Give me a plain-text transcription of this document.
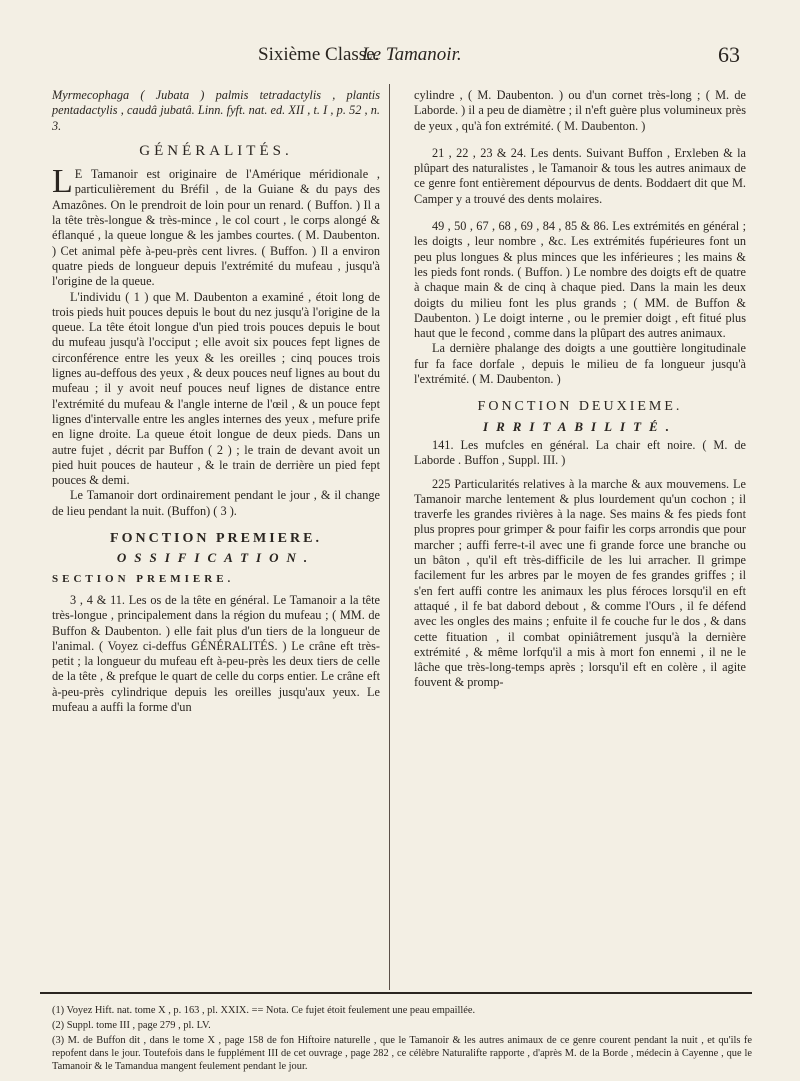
Sixième Classe.
Le Tamanoir.	63

Myrmecophaga ( Jubata ) palmis tetradactylis , plantis pentadactylis , caudâ jubatâ. Linn. fyft. nat. ed. XII , t. I , p. 52 , n. 3.

GÉNÉRALITÉS.

L E Tamanoir est originaire de l'Amérique méridionale , particulièrement du Bréfil , de la Guiane & du pays des Amazônes. On le prendroit de loin pour un renard. ( Buffon. ) Il a la tête très-longue & très-mince , le col court , le corps alongé & éflanqué , la queue longue & les jambes courtes. ( M. Daubenton. ) Cet animal pèfe à-peu-près cent livres. ( Buffon. ) Il a environ quatre pieds de longueur depuis l'extrémité du mufeau , jusqu'à l'origine de la queue.

L'individu ( 1 ) que M. Daubenton a examiné , étoit long de trois pieds huit pouces depuis le bout du nez jusqu'à l'origine de la queue. La tête étoit longue d'un pied trois pouces depuis le bout du mufeau jusqu'à l'occiput ; elle avoit six pouces fept lignes de circonférence entre les yeux & les oreilles ; cinq pouces trois lignes au-deffous des yeux , & deux pouces neuf lignes au bout du mufeau ; il y avoit neuf pouces neuf lignes de distance entre l'extrémité du mufeau & l'angle interne de l'œil , & un pouce fept lignes d'intervalle entre les angles internes des yeux , mefure prife en ligne droite. La queue étoit longue de deux pieds. Dans un autre fujet , décrit par Buffon ( 2 ) ; le train de devant avoit un pied huit pouces de hauteur , & le train de derrière un pied fept pouces & demi.

Le Tamanoir dort ordinairement pendant le jour , & il change de lieu pendant la nuit. (Buffon) ( 3 ).

FONCTION PREMIERE.
OSSIFICATION.
SECTION PREMIERE.

3 , 4 & 11. Les os de la tête en général. Le Tamanoir a la tête très-longue , principalement dans la région du mufeau ; ( MM. de Buffon & Daubenton. ) elle fait plus d'un tiers de la longueur de l'animal. ( Voyez ci-deffus GÉNÉRALITÉS. ) Le crâne eft très-petit ; la longueur du mufeau eft à-peu-près les deux tiers de celle de la tête , & prefque le quart de celle du corps entier. Le crâne eft à-peu-près cylindrique depuis les oreilles jusqu'aux yeux. Le mufeau a auffi la forme d'un

cylindre , ( M. Daubenton. ) ou d'un cornet très-long ; ( M. de Laborde. ) il a peu de diamètre ; il n'eft guère plus volumineux près de yeux , qu'à fon extrémité. ( M. Daubenton. )

21 , 22 , 23 & 24. Les dents. Suivant Buffon , Erxleben & la plûpart des naturalistes , le Tamanoir & tous les autres animaux de ce genre font entièrement dépourvus de dents. Boddaert dit que M. Camper y a trouvé des dents molaires.

49 , 50 , 67 , 68 , 69 , 84 , 85 & 86. Les extrémités en général ; les doigts , leur nombre , &c. Les extrémités fupérieures font un peu plus longues & plus minces que les inférieures ; les mains & les pieds font ronds. ( Buffon. ) Le nombre des doigts eft de quatre à chaque main & de cinq à chaque pied. Dans la main les deux doigts du milieu font les plus grands ; ( MM. de Buffon & Daubenton. ) Le doigt interne , ou le premier doigt , eft fitué plus haut que le fecond , comme dans la plûpart des autres animaux.

La dernière phalange des doigts a une gouttière longitudinale fur fa face dorfale , depuis le milieu de fa longueur jusqu'à l'extrémité. ( M. Daubenton. )

FONCTION DEUXIEME.
IRRITABILITÉ.

141. Les mufcles en général. La chair eft noire. ( M. de Laborde . Buffon , Suppl. III. )

225 Particularités relatives à la marche & aux mouvemens. Le Tamanoir marche lentement & plus lourdement qu'un cochon ; il traverfe les grandes rivières à la nage. Ses mains & fes pieds font plus propres pour grimper & pour faifir les corps arrondis que pour marcher ; auffi ferre-t-il avec une fi grande force une branche ou un bâton , qu'il eft très-difficile de les lui arracher. Il grimpe facilement fur les arbres par le moyen de fes grandes griffes ; il s'en fert auffi contre les animaux les plus féroces lorsqu'il en eft attaqué , il fe bat dabord debout , & comme l'Ours , il fe défend avec les ongles des mains ; enfuite il fe couche fur le dos , & dans cette fituation , il combat opiniâtrement jusqu'à la dernière extrémité , & même lorfqu'il a mis à mort fon ennemi , il ne le lâche que très-long-temps après ; lorsqu'il eft en colère , il agite fouvent & promp-

(1) Voyez Hift. nat. tome X , p. 163 , pl. XXIX. == Nota. Ce fujet étoit feulement une peau empaillée.

(2) Suppl. tome III , page 279 , pl. LV.

(3) M. de Buffon dit , dans le tome X , page 158 de fon Hiftoire naturelle , que le Tamanoir & les autres animaux de ce genre courent pendant la nuit , et qu'ils fe repofent dans le jour. Toutefois dans le fupplément III de cet ouvrage , page 282 , ce célèbre Naturalifte rapporte , d'après M. de la Borde , médecin à Cayenne , que le Tamanoir & le Tamandua mangent feulement pendant le jour.
